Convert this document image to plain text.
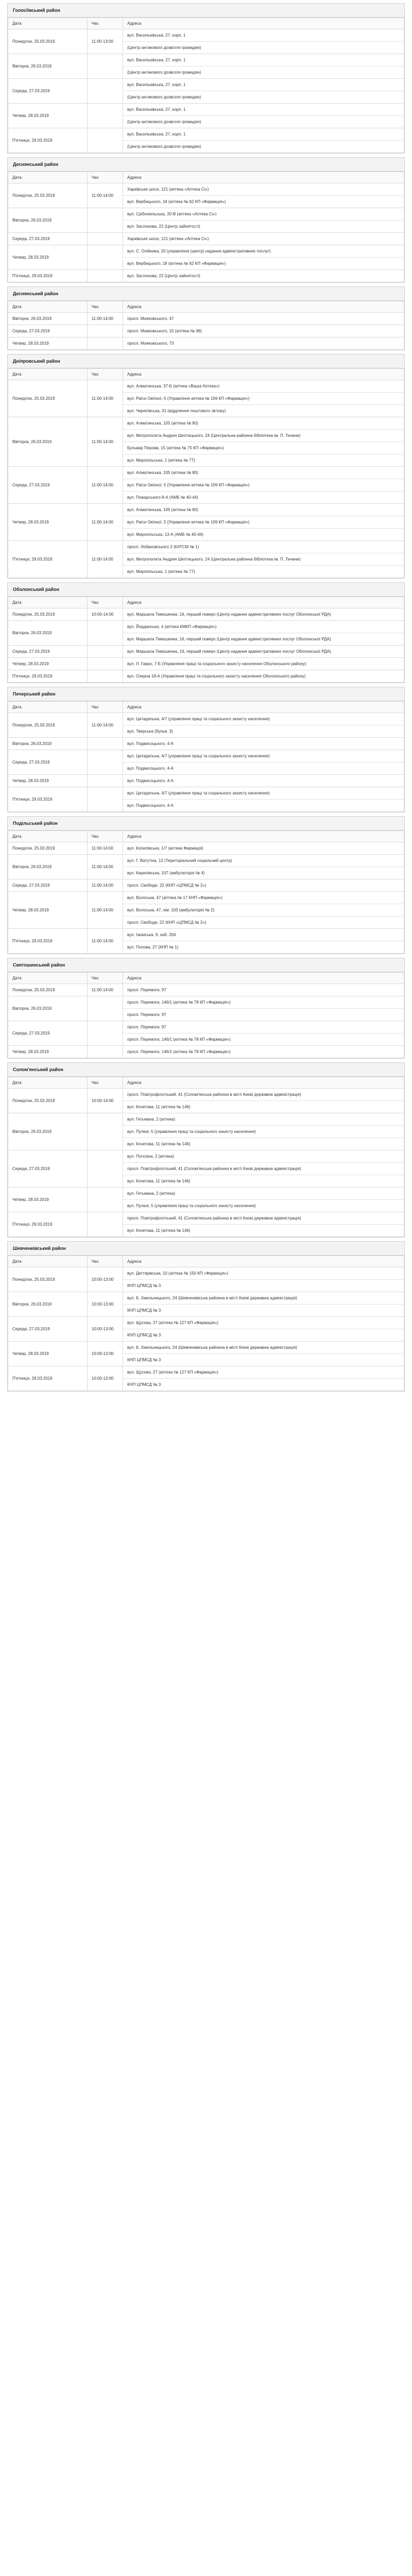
Голосіївський район
Дата	Час	Адреса
Понеділок, 25.03.2019	11:00-13:00	вул. Васильківська, 27, корп. 1
(Центр антикового дозвілля громадян)

Вівторок, 26.03.2019		вул. Васильківська, 27, корп. 1
(Центр антикового дозвілля громадян)

Середа, 27.03.2019		вул. Васильківська, 27, корп. 1
(Центр антикового дозвілля громадян)

Четвер, 28.03.2019		вул. Васильківська, 27, корп. 1
(Центр антикового дозвілля громадян)

П'ятниця, 29.03.2019		вул. Васильківська, 27, корп. 1
(Центр антикового дозвілля громадян)
Деснянський район
Дата	Час	Адреса
Понеділок, 25.03.2019	11:00-14:00	Харківське шосе, 121 (аптека «Аптека Сі»)
вул. Вербицького, 18 (аптека № 62 КП «Фармація»)

Вівторок, 26.03.2019		вул. Срібнокільська, 20-В (аптека «Аптека Сі»)
вул. Заслонова, 22 (Центр зайнятості)

Середа, 27.03.2019		Харківське шосе, 121 (аптека «Аптека Сі»)

Четвер, 28.03.2019		вул. С. Олійника, 20 (управління (центр) надання адміністративних послуг)
вул. Вербицького, 18 (аптека № 62 КП «Фармація»)

П'ятниця, 29.03.2019		вул. Заслонова, 22 (Центр зайнятості)
Деснянський район
Дата	Час	Адреса
Вівторок, 26.03.2019	11:00-14:00	просп. Маяковського, 47

Середа, 27.03.2019		просп. Маяковського, 15 (аптека № 99)

Четвер, 28.03.2019		просп. Маяковського, 73
Дніпровський район
Дата	Час	Адреса
Понеділок, 25.03.2019	11:00-14:00	вул. Алматинська, 37-Б (аптека «Ваша Аптека»)
вул. Раїси Окіпної, 5 (Управління аптека № 109 КП «Фармація»)
вул. Чернігівська, 31 (відділення поштового зв'язку)

Вівторок, 26.03.2019	11:00-14:00	вул. Алматинська, 105 (аптека № 80)
вул. Митрополита Андрея Шептицького, 24 (Центральна районна бібліотека ім. П. Тичини)
Бульвар Перова, 15 (аптека № 75 КП «Фармація»)
вул. Миропільська, 1 (аптека № 77)

Середа, 27.03.2019	11:00-14:00	вул. Алматинська, 105 (аптека № 80)
вул. Раїси Окіпної, 5 (Управління аптека № 109 КП «Фармація»)
вул. Пожарського 8-А (АМБ № 40-44)

Четвер, 28.03.2019	11:00-14:00	вул. Алматинська, 105 (аптека № 80)
вул. Раїси Окіпної, 5 (Управління аптека № 109 КП «Фармація»)
вул. Миропільська, 13-А (АМБ № 40-44)

П'ятниця, 29.03.2019	11:00-14:00	просп. Лобановського 2 (КАТСМ № 1)
вул. Митрополита Андрея Шептицького, 24 (Центральна районна бібліотека ім. П. Тичини)
вул. Миропільська, 1 (аптека № 77)
Оболонський район
Дата	Час	Адреса
Понеділок, 25.03.2019	10:00-14:00	вул. Маршала Тимошенка, 16, перший поверх (Центр надання адміністративних послуг Оболонської РДА)

Вівторок, 26.03.2019		вул. Йорданська, 4 (аптека КМКП «Фармація»)
вул. Маршала Тимошенка, 16, перший поверх (Центр надання адміністративних послуг Оболонської РДА)

Середа, 27.03.2019		вул. Маршала Тимошенка, 16, перший поверх (Центр надання адміністративних послуг Оболонської РДА)

Четвер, 28.03.2019		вул. Л. Гавро, 7-Б (Управління праці та соціального захисту населення Оболонського району)

П'ятниця, 29.03.2019		вул. Озерна 18-А (Управління праці та соціального захисту населення Оболонського району)
Печерський район
Дата	Час	Адреса
Понеділок, 25.03.2019	11:00-14:00	вул. Цитадельна, 4/7 (управління праці та соціального захисту населення)
вул. Тверська (бульв. 3)

Вівторок, 26.03.2019		вул. Подвисоцького, 4-А

Середа, 27.03.2019		вул. Цитадельна, 4/7 (управління праці та соціального захисту населення)
вул. Подвисоцького, 4-А

Четвер, 28.03.2019		вул. Подвисоцького, 4-А

П'ятниця, 29.03.2019		вул. Цитадельна, 4/7 (управління праці та соціального захисту населення)
вул. Подвисоцького, 4-А
Подільський район
Дата	Час	Адреса
Понеділок, 25.03.2019	11:00-14:00	вул. Копилівська, 1/7 (аптека Фармація)

Вівторок, 26.03.2019	11:00-14:00	вул. Г. Ватутіна, 12 (Територіальний соціальний центр)
вул. Кирилівська, 107 (амбулаторія № 4)

Середа, 27.03.2019	11:00-14:00	просп. Свободи, 22 (КНП «ЦПМСД № 2»)

Четвер, 28.03.2019	11:00-14:00	вул. Волоська, 47 (аптека № 17 КНП «Фармація»)
вул. Волоська, 47, кім. 103 (амбулаторія № 2)
просп. Свободи, 22 (КНП «ЦПМСД № 2»)

П'ятниця, 29.03.2019	11:00-14:00	вул. Ізюмська, 9, каб. 204
вул. Попова, 27 (КНП № 1)
Святошинський район
Дата	Час	Адреса
Понеділок, 25.03.2019	11:00-14:00	просп. Перемоги, 97

Вівторок, 26.03.2019		просп. Перемоги, 146/1 (аптека № 78 КП «Фармація»)
просп. Перемоги, 97

Середа, 27.03.2019		просп. Перемоги, 97
просп. Перемоги, 146/1 (аптека № 78 КП «Фармація»)

Четвер, 28.03.2019		просп. Перемоги, 146/1 (аптека № 78 КП «Фармація»)
Солом'янський район
Дата	Час	Адреса
Понеділок, 25.03.2019	10:00-14:00	просп. Повітрофлотський, 41 (Солом'янська районна в місті Києві державна адміністрація)
вул. Кочетова, 11 (аптека № 146)

Вівторок, 26.03.2019		вул. Гетьмана, 2 (аптека)
вул. Пулюя, 5 (управління праці та соціального захисту населення)
вул. Кочетова, 11 (аптека № 146)

Середа, 27.03.2019		вул. Потєхіна, 2 (аптека)
просп. Повітрофлотський, 41 (Солом'янська районна в місті Києві державна адміністрація)
вул. Кочетова, 11 (аптека № 146)

Четвер, 28.03.2019		вул. Гетьмана, 2 (аптека)
вул. Пулюя, 5 (управління праці та соціального захисту населення)

П'ятниця, 29.03.2019		просп. Повітрофлотський, 41 (Солом'янська районна в місті Києві державна адміністрація)
вул. Кочетова, 11 (аптека № 146)
Шевченківський район
Дата	Час	Адреса
Понеділок, 25.03.2019	10:00-13:00	вул. Дегтярівська, 10 (аптека № 150 КП «Фармація»)
КНП ЦПМСД № 3

Вівторок, 26.03.2019	10:00-13:00	вул. Б. Хмельницького, 24 (Шевченківська районна в місті Києві державна адміністрація)
КНП ЦПМСД № 3

Середа, 27.03.2019	10:00-13:00	вул. Щусєва, 27 (аптека № 127 КП «Фармація»)
КНП ЦПМСД № 3

Четвер, 28.03.2019	10:00-13:00	вул. Б. Хмельницького, 24 (Шевченківська районна в місті Києві державна адміністрація)
КНП ЦПМСД № 3

П'ятниця, 29.03.2019	10:00-13:00	вул. Щусєва, 27 (аптека № 127 КП «Фармація»)
КНП ЦПМСД № 3
